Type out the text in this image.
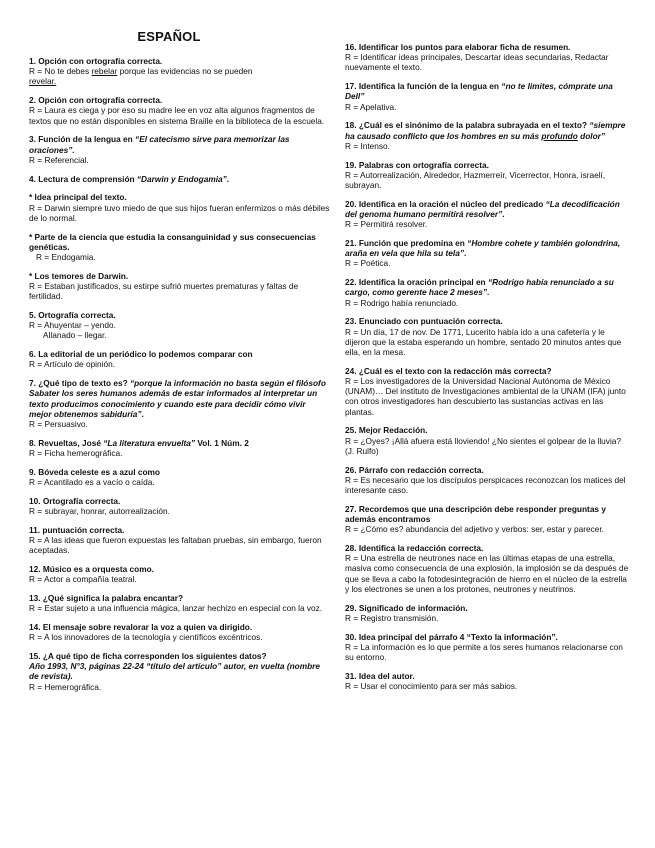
ESPAÑOL
1. Opción con ortografía correcta.
R = No te debes rebelar porque las evidencias no se pueden
revelar.
2. Opción con ortografía correcta.
R = Laura es ciega y por eso su madre lee en voz alta algunos fragmentos de textos que no están disponibles en sistema Braille en la biblioteca de la escuela.
3. Función de la lengua en “El catecismo sirve para memorizar las oraciones”.
R = Referencial.
4. Lectura de comprensión “Darwin y Endogamia”.
* Idea principal del texto.
R = Darwin siempre tuvo miedo de que sus hijos fueran enfermizos o más débiles de lo normal.
* Parte de la ciencia que estudia la consanguinidad y sus consecuencias genéticas.
R = Endogamia.
* Los temores de Darwin.
R = Estaban justificados, su estirpe sufrió muertes prematuras y faltas de fertilidad.
5. Ortografía correcta.
R = Ahuyentar – yendo.
Allanado – llegar.
6. La editorial de un periódico lo podemos comparar con
R = Artículo de opinión.
7. ¿Qué tipo de texto es? “porque la información no basta según el filósofo Sabater los seres humanos además de estar informados al interpretar un texto producimos conocimiento y cuando este para decidir cómo vivir mejor obtenemos sabiduría”.
R = Persuasivo.
8. Revueltas, José “La literatura envuelta” Vol. 1 Núm. 2
R = Ficha hemerográfica.
9. Bóveda celeste es a azul como
R = Acantilado es a vacío o caída.
10. Ortografía correcta.
R = subrayar, honrar, autorrealización.
11. puntuación correcta.
R = A las ideas que fueron expuestas les faltaban pruebas, sin embargo, fueron aceptadas.
12. Músico es a orquesta como.
R = Actor a compañía teatral.
13. ¿Qué significa la palabra encantar?
R = Estar sujeto a una influencia mágica, lanzar hechizo en especial con la voz.
14. El mensaje sobre revalorar la voz a quien va dirigido.
R = A los innovadores de la tecnología y científicos excéntricos.
15. ¿A qué tipo de ficha corresponden los siguientes datos?
Año 1993, N°3, páginas 22-24 “título del artículo” autor, en vuelta (nombre de revista).
R = Hemerográfica.
16. Identificar los puntos para elaborar ficha de resumen.
R = Identificar ideas principales, Descartar ideas secundarias, Redactar nuevamente el texto.
17. Identifica la función de la lengua en “no te limites, cómprate una Dell”
R = Apelativa.
18. ¿Cuál es el sinónimo de la palabra subrayada en el texto? “siempre ha causado conflicto que los hombres en su más profundo dolor”
R = Intenso.
19. Palabras con ortografía correcta.
R = Autorrealización, Alrededor, Hazmerreír, Vicerrector, Honra, israelí, subrayan.
20. Identifica en la oración el núcleo del predicado “La decodificación del genoma humano permitirá resolver”.
R = Permitirá resolver.
21. Función que predomina en “Hombre cohete y también golondrina, araña en vela que hila su tela”.
R = Poética.
22. Identifica la oración principal en “Rodrigo había renunciado a su cargo, como gerente hace 2 meses”.
R = Rodrigo había renunciado.
23. Enunciado con puntuación correcta.
R = Un día, 17 de nov. De 1771, Lucerito había ido a una cafetería y le dijeron que la estaba esperando un hombre, sentado 20 minutos antes que ella, en la mesa.
24. ¿Cuál es el texto con la redacción más correcta?
R = Los investigadores de la Universidad Nacional Autónoma de México (UNAM)… Del instituto de Investigaciones ambiental de la UNAM (IFA) junto con otros investigadores han descubierto las sustancias activas en las plantas.
25. Mejor Redacción.
R = ¿Oyes? ¡Allá afuera está lloviendo! ¿No sientes el golpear de la lluvia? (J. Rulfo)
26. Párrafo con redacción correcta.
R = Es necesario que los discípulos perspicaces reconozcan los matices del interesante caso.
27. Recordemos que una descripción debe responder preguntas y además encontramos
R = ¿Cómo es? abundancia del adjetivo y verbos: ser, estar y parecer.
28. Identifica la redacción correcta.
R = Una estrella de neutrones nace en las últimas etapas de una estrella, masiva como consecuencia de una explosión, la implosión se da después de que se lleva a cabo la fotodesintegración de hierro en el núcleo de la estrella y los electrones se unen a los protones, neutrones y neutrinos.
29. Significado de información.
R = Registro transmisión.
30. Idea principal del párrafo 4 “Texto la información”.
R = La información es lo que permite a los seres humanos relacionarse con su entorno.
31. Idea del autor.
R = Usar el conocimiento para ser más sabios.
